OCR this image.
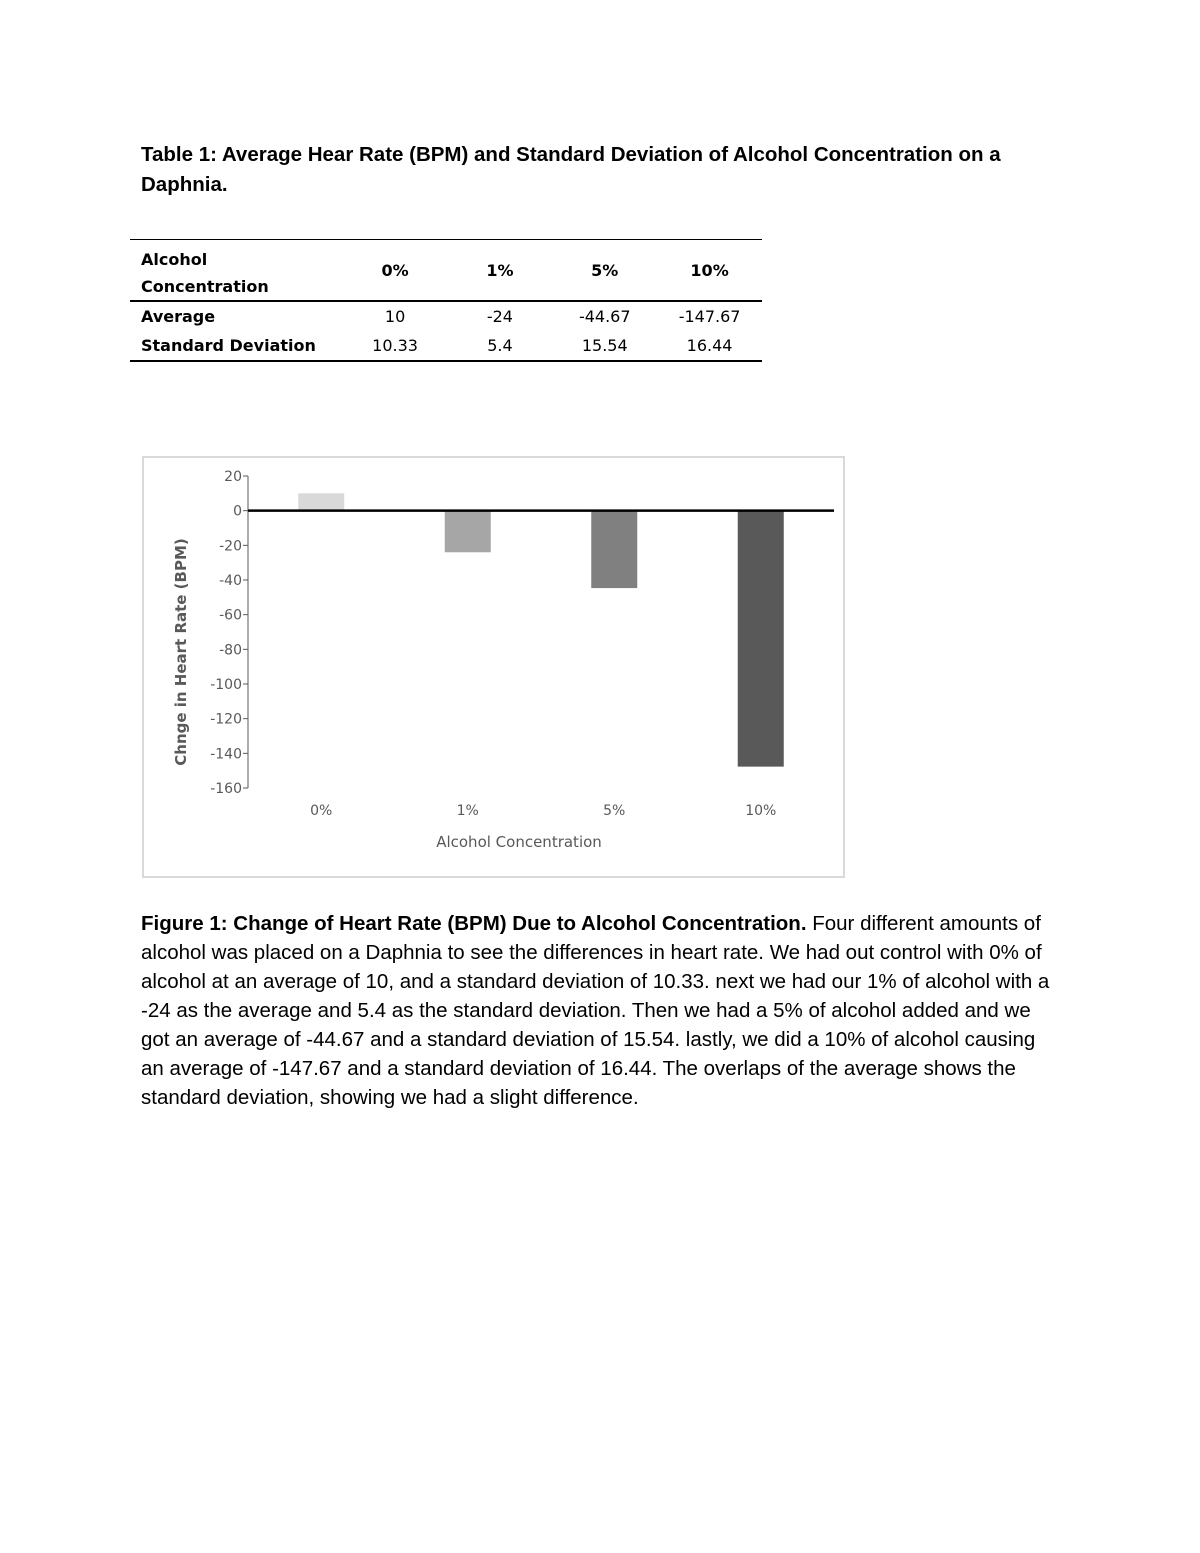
Table 1: Average Hear Rate (BPM) and Standard Deviation of Alcohol Concentration on a Daphnia.

Alcohol
Concentration	0%	1%	5%	10%
Average	10	-24	-44.67	-147.67
Standard Deviation	10.33	5.4	15.54	16.44
20
0
-20
-40
-60
-80
-100
-120
-140
-160
0%	1%	5%	10%
Alcohol Concentration
Chnge in Heart Rate (BPM)

Figure 1: Change of Heart Rate (BPM) Due to Alcohol Concentration. Four different amounts of alcohol was placed on a Daphnia to see the differences in heart rate. We had out control with 0% of alcohol at an average of 10, and a standard deviation of 10.33. next we had our 1% of alcohol with a -24 as the average and 5.4 as the standard deviation. Then we had a 5% of alcohol added and we got an average of -44.67 and a standard deviation of 15.54. lastly, we did a 10% of alcohol causing an average of -147.67 and a standard deviation of 16.44. The overlaps of the average shows the standard deviation, showing we had a slight difference.
